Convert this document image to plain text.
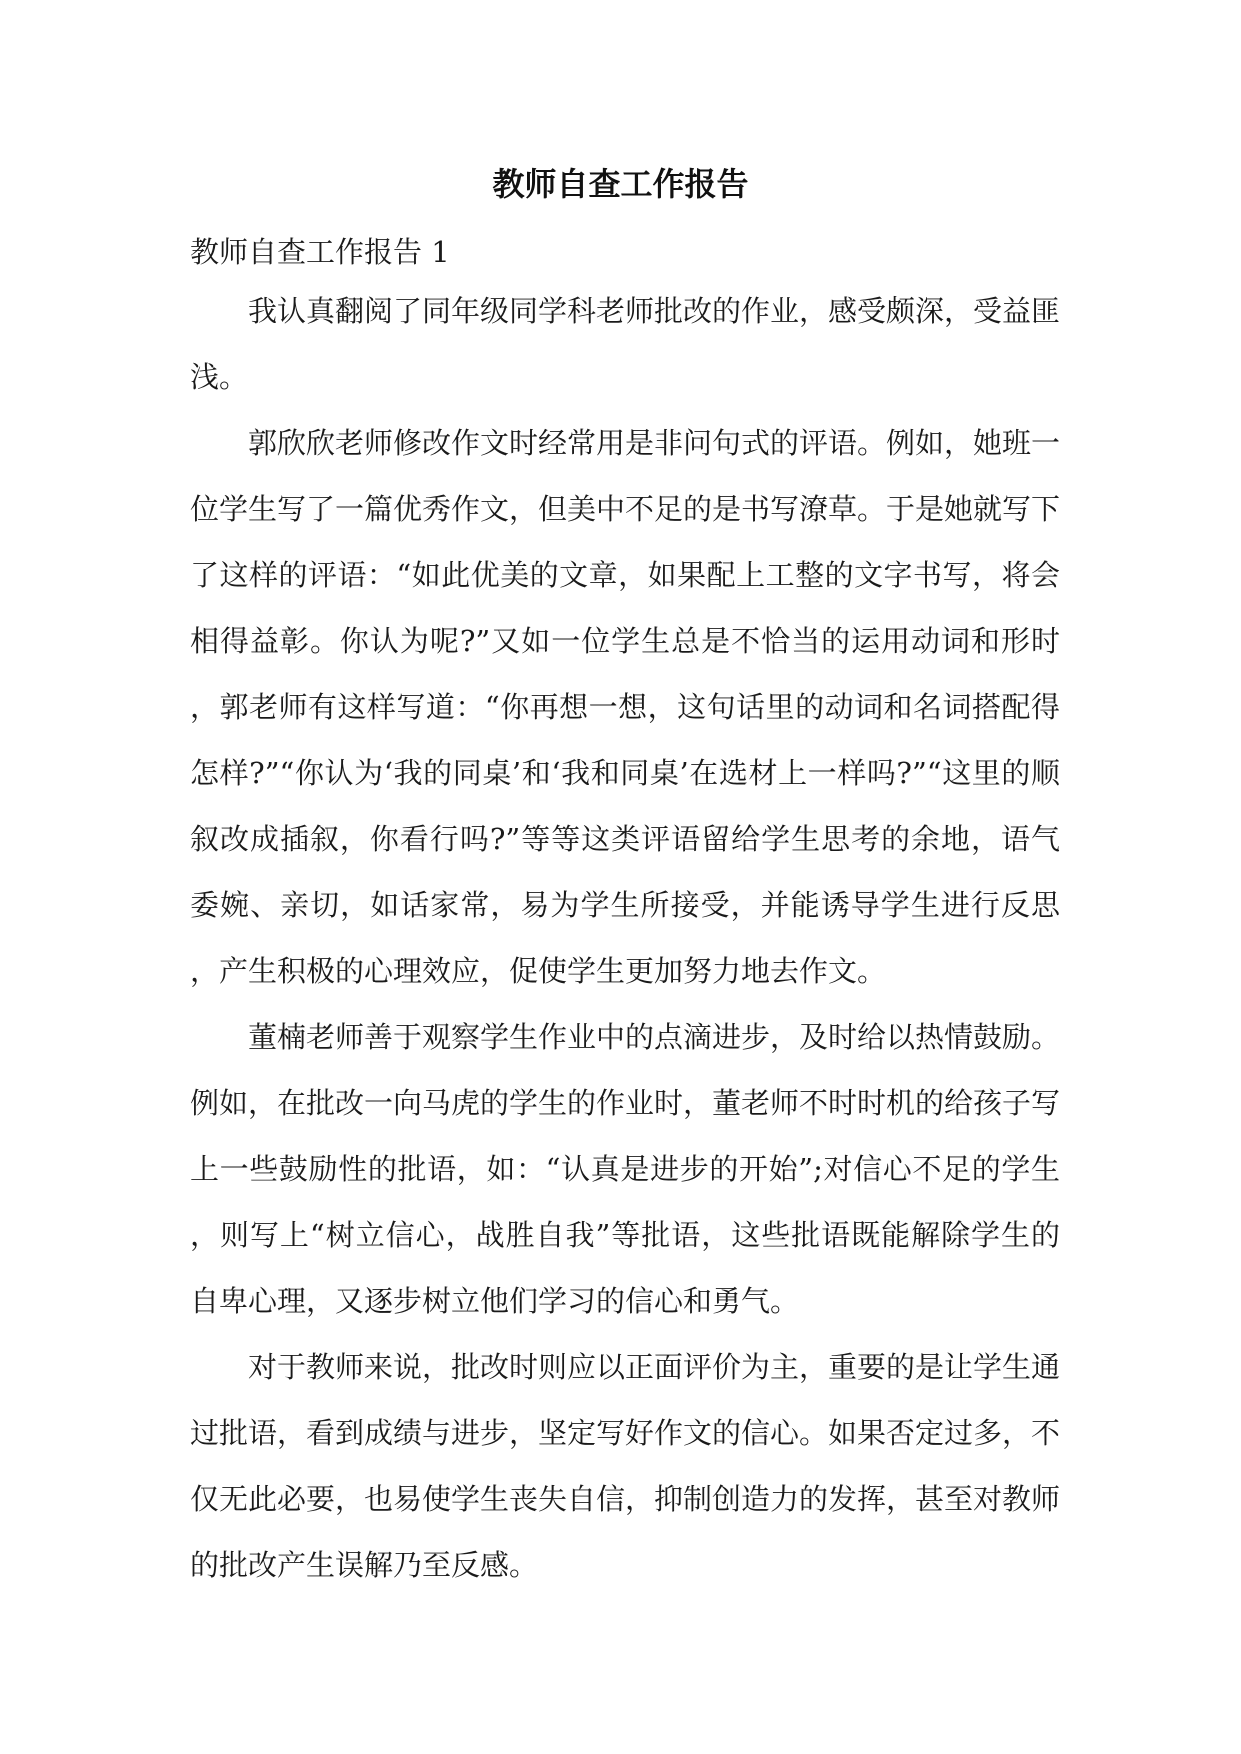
教师自查工作报告
教师自查工作报告 1

我认真翻阅了同年级同学科老师批改的作业，感受颇深，受益匪浅。

郭欣欣老师修改作文时经常用是非问句式的评语。例如，她班一位学生写了一篇优秀作文，但美中不足的是书写潦草。于是她就写下了这样的评语：“如此优美的文章，如果配上工整的文字书写，将会相得益彰。你认为呢?”又如一位学生总是不恰当的运用动词和形时，郭老师有这样写道：“你再想一想，这句话里的动词和名词搭配得怎样?”“你认为‘我的同桌’和‘我和同桌’在选材上一样吗?”“这里的顺叙改成插叙，你看行吗?”等等这类评语留给学生思考的余地，语气委婉、亲切，如话家常，易为学生所接受，并能诱导学生进行反思 ，产生积极的心理效应，促使学生更加努力地去作文。

董楠老师善于观察学生作业中的点滴进步，及时给以热情鼓励。例如，在批改一向马虎的学生的作业时，董老师不时时机的给孩子写上一些鼓励性的批语，如：“认真是进步的开始”;对信心不足的学生，则写上“树立信心，战胜自我”等批语，这些批语既能解除学生的自卑心理，又逐步树立他们学习的信心和勇气。

对于教师来说，批改时则应以正面评价为主，重要的是让学生通过批语，看到成绩与进步，坚定写好作文的信心。如果否定过多，不仅无此必要，也易使学生丧失自信，抑制创造力的发挥，甚至对教师的批改产生误解乃至反感。
